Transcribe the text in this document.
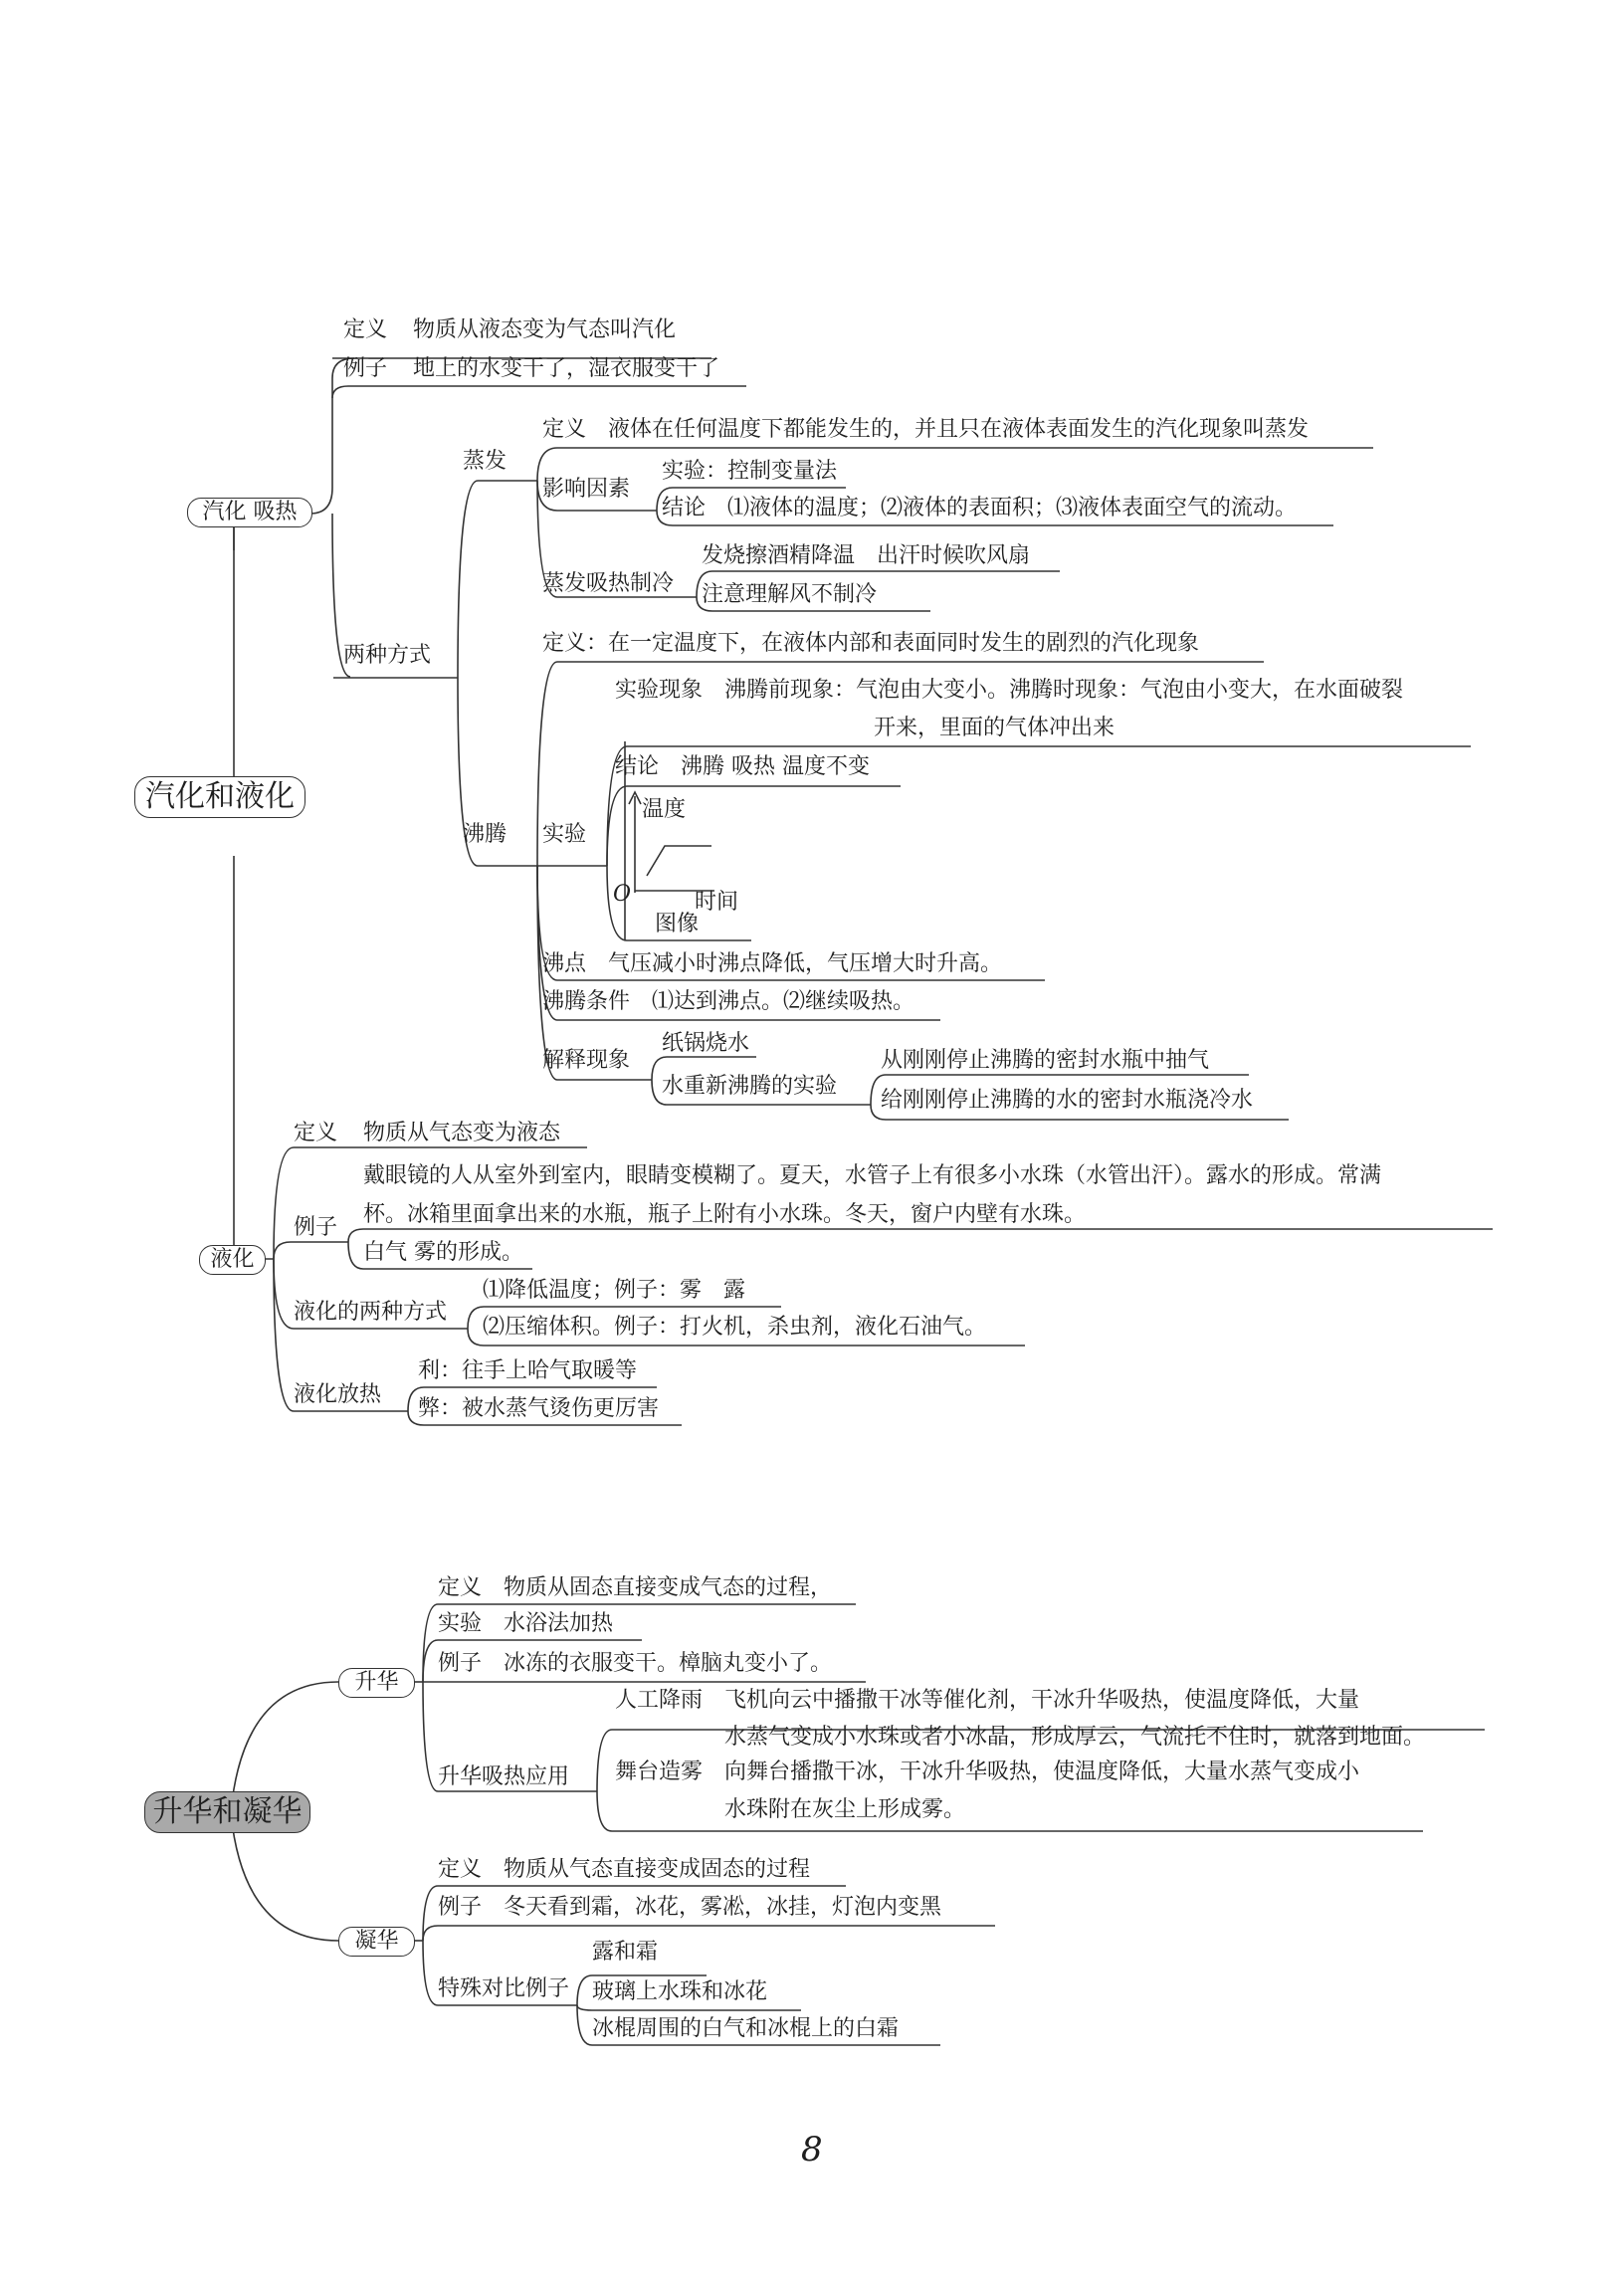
汽化和液化
汽化 吸热
液化
定义 物质从液态变为气态叫汽化
例子 地上的水变干了，湿衣服变干了
两种方式
蒸发
定义　液体在任何温度下都能发生的，并且只在液体表面发生的汽化现象叫蒸发
影响因素
实验：控制变量法
结论　⑴液体的温度；⑵液体的表面积；⑶液体表面空气的流动。
蒸发吸热制冷
发烧擦酒精降温　出汗时候吹风扇
注意理解风不制冷
沸腾
定义：在一定温度下，在液体内部和表面同时发生的剧烈的汽化现象
实验
实验现象　沸腾前现象：气泡由大变小。沸腾时现象：气泡由小变大，在水面破裂
开来，里面的气体冲出来
结论　沸腾 吸热 温度不变
温度
O	时间
图像
沸点　气压减小时沸点降低，气压增大时升高。
沸腾条件　⑴达到沸点。⑵继续吸热。
解释现象
纸锅烧水
水重新沸腾的实验
从刚刚停止沸腾的密封水瓶中抽气
给刚刚停止沸腾的水的密封水瓶浇冷水
定义 物质从气态变为液态
例子
戴眼镜的人从室外到室内，眼睛变模糊了。夏天，水管子上有很多小水珠（水管出汗）。露水的形成。常满
杯。冰箱里面拿出来的水瓶，瓶子上附有小水珠。冬天，窗户内壁有水珠。
白气 雾的形成。
液化的两种方式
⑴降低温度；例子：雾　露
⑵压缩体积。例子：打火机，杀虫剂，液化石油气。
液化放热
利：往手上哈气取暖等
弊：被水蒸气烫伤更厉害
升华和凝华
升华
凝华
定义　物质从固态直接变成气态的过程，
实验　水浴法加热
例子　冰冻的衣服变干。樟脑丸变小了。
升华吸热应用
人工降雨 飞机向云中播撒干冰等催化剂，干冰升华吸热，使温度降低，大量
水蒸气变成小水珠或者小冰晶，形成厚云，气流托不住时，就落到地面。
舞台造雾 向舞台播撒干冰，干冰升华吸热，使温度降低，大量水蒸气变成小
水珠附在灰尘上形成雾。
定义　物质从气态直接变成固态的过程
例子　冬天看到霜，冰花，雾凇，冰挂，灯泡内变黑
特殊对比例子
露和霜
玻璃上水珠和冰花
冰棍周围的白气和冰棍上的白霜
8
